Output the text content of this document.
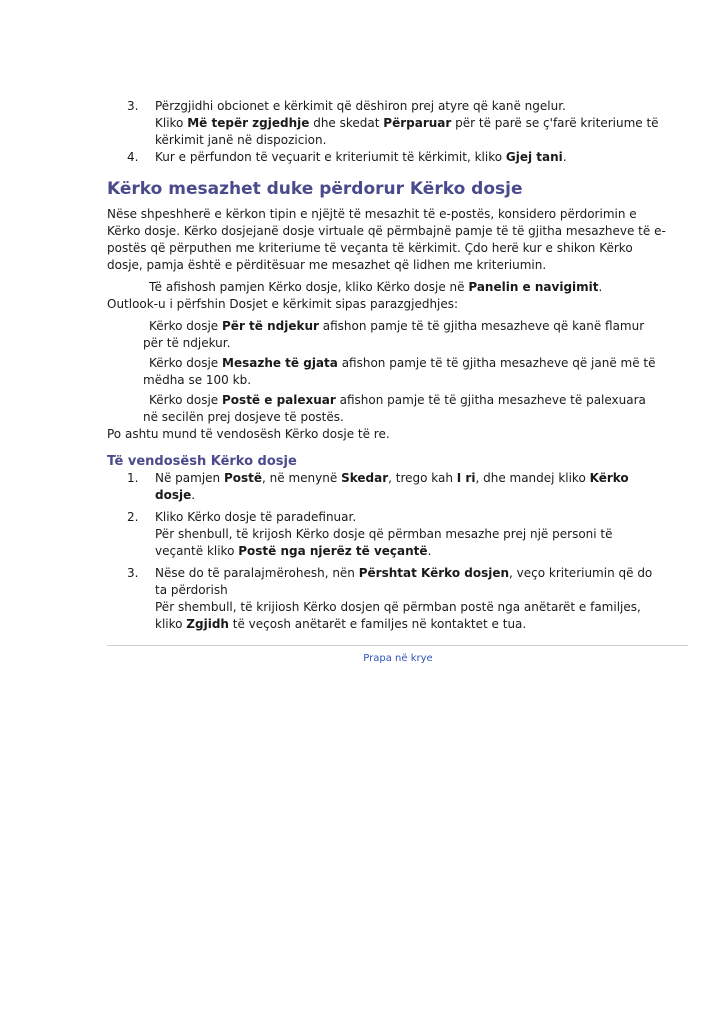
3. Përzgjidhi obcionet e kërkimit që dëshiron prej atyre që kanë ngelur.
Kliko Më tepër zgjedhje dhe skedat Përparuar për të parë se ç'farë kriteriume të
kërkimit janë në dispozicion.
4. Kur e përfundon të veçuarit e kriteriumit të kërkimit, kliko Gjej tani.
Kërko mesazhet duke përdorur Kërko dosje
Nëse shpeshherë e kërkon tipin e njëjtë të mesazhit të e-postës, konsidero përdorimin e
Kërko dosje. Kërko dosjejanë dosje virtuale që përmbajnë pamje të të gjitha mesazheve të e-
postës që përputhen me kriteriume të veçanta të kërkimit. Çdo herë kur e shikon Kërko
dosje, pamja është e përditësuar me mesazhet që lidhen me kriteriumin.
Të afishosh pamjen Kërko dosje, kliko Kërko dosje në Panelin e navigimit.
Outlook-u i përfshin Dosjet e kërkimit sipas parazgjedhjes:
Kërko dosje Për të ndjekur afishon pamje të të gjitha mesazheve që kanë flamur
për të ndjekur.
Kërko dosje Mesazhe të gjata afishon pamje të të gjitha mesazheve që janë më të
mëdha se 100 kb.
Kërko dosje Postë e palexuar afishon pamje të të gjitha mesazheve të palexuara
në secilën prej dosjeve të postës.
Po ashtu mund të vendosësh Kërko dosje të re.
Të vendosësh Kërko dosje
1. Në pamjen Postë, në menynë Skedar, trego kah I ri, dhe mandej kliko Kërko
dosje.
2. Kliko Kërko dosje të paradefinuar.
Për shenbull, të krijosh Kërko dosje që përmban mesazhe prej një personi të
veçantë kliko Postë nga njerëz të veçantë.
3. Nëse do të paralajmërohesh, nën Përshtat Kërko dosjen, veço kriteriumin që do
ta përdorish
Për shembull, të krijiosh Kërko dosjen që përmban postë nga anëtarët e familjes,
kliko Zgjidh të veçosh anëtarët e familjes në kontaktet e tua.
Prapa në krye
